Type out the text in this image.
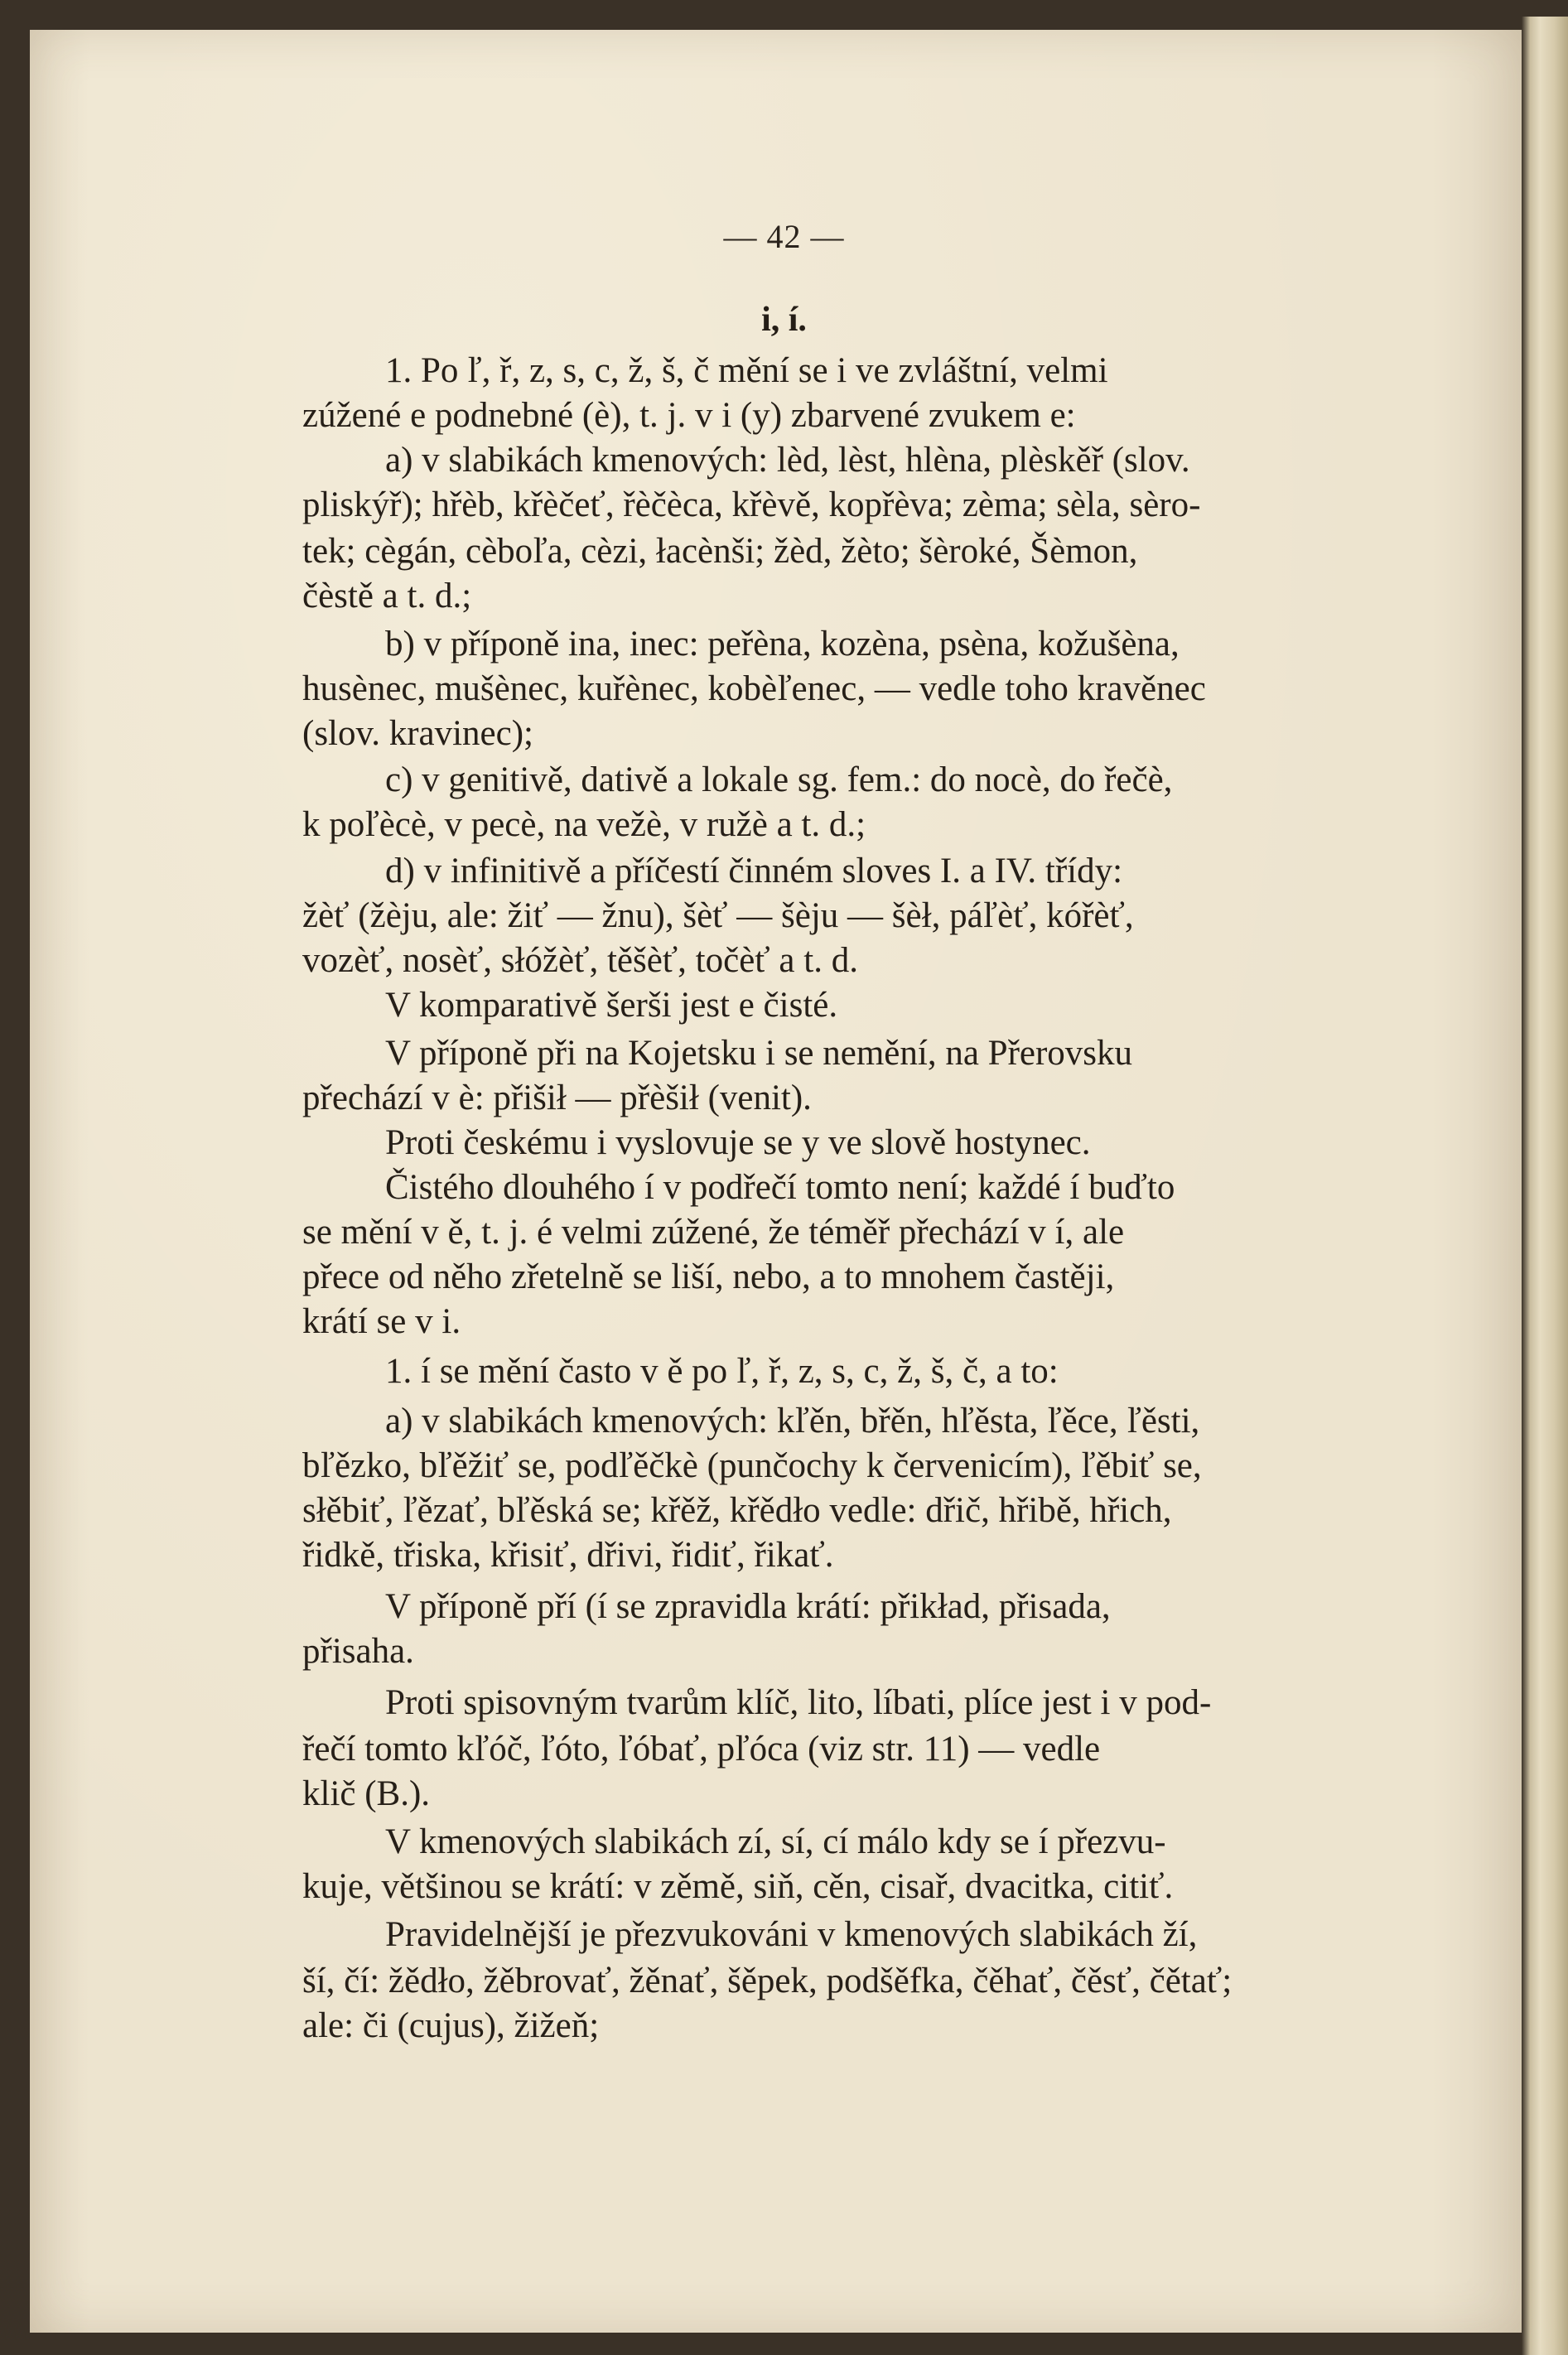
— 42 —
i, í.
1. Po ľ, ř, z, s, c, ž, š, č mění se i ve zvláštní, velmi
zúžené e podnebné (è), t. j. v i (y) zbarvené zvukem e:
a) v slabikách kmenových: lèd, lèst, hlèna, plèskěř (slov.
pliskýř); hřèb, křèčeť, řèčèca, křèvě, kopřèva; zèma; sèla, sèro-
tek; cègán, cèboľa, cèzi, łacènši; žèd, žèto; šèroké, Šèmon,
čèstě a t. d.;
b) v příponě ina, inec: peřèna, kozèna, psèna, kožušèna,
husènec, mušènec, kuřènec, kobèľenec, — vedle toho kravěnec
(slov. kravinec);
c) v genitivě, dativě a lokale sg. fem.: do nocè, do řečè,
k poľècè, v pecè, na vežè, v ružè a t. d.;
d) v infinitivě a příčestí činném sloves I. a IV. třídy:
žèť (žèju, ale: žiť — žnu), šèť — šèju — šèł, páľèť, kóřèť,
vozèť, nosèť, słóžèť, těšèť, točèť a t. d.
V komparativě šerši jest e čisté.
V příponě při na Kojetsku i se nemění, na Přerovsku
přechází v è: přišił — přèšił (venit).
Proti českému i vyslovuje se y ve slově hostynec.
Čistého dlouhého í v podřečí tomto není; každé í buďto
se mění v ě, t. j. é velmi zúžené, že téměř přechází v í, ale
přece od něho zřetelně se liší, nebo, a to mnohem častěji,
krátí se v i.
1. í se mění často v ě po ľ, ř, z, s, c, ž, š, č, a to:
a) v slabikách kmenových: kľěn, břěn, hľěsta, ľěce, ľěsti,
bľězko, bľěžiť se, podľěčkè (punčochy k červenicím), ľěbiť se,
słěbiť, ľězať, bľěská se; křěž, křědło vedle: dřič, hřibě, hřich,
řidkě, třiska, křisiť, dřivi, řidiť, řikať.
V příponě pří (í se zpravidla krátí: přikład, přisada,
přisaha.
Proti spisovným tvarům klíč, lito, líbati, plíce jest i v pod-
řečí tomto kľóč, ľóto, ľóbať, pľóca (viz str. 11) — vedle
klič (B.).
V kmenových slabikách zí, sí, cí málo kdy se í přezvu-
kuje, většinou se krátí: v zěmě, siň, cěn, cisař, dvacitka, citiť.
Pravidelnější je přezvukováni v kmenových slabikách ží,
ší, čí: žědło, žěbrovať, žěnať, šěpek, podšěfka, čěhať, čěsť, čětať;
ale: či (cujus), žižeň;
